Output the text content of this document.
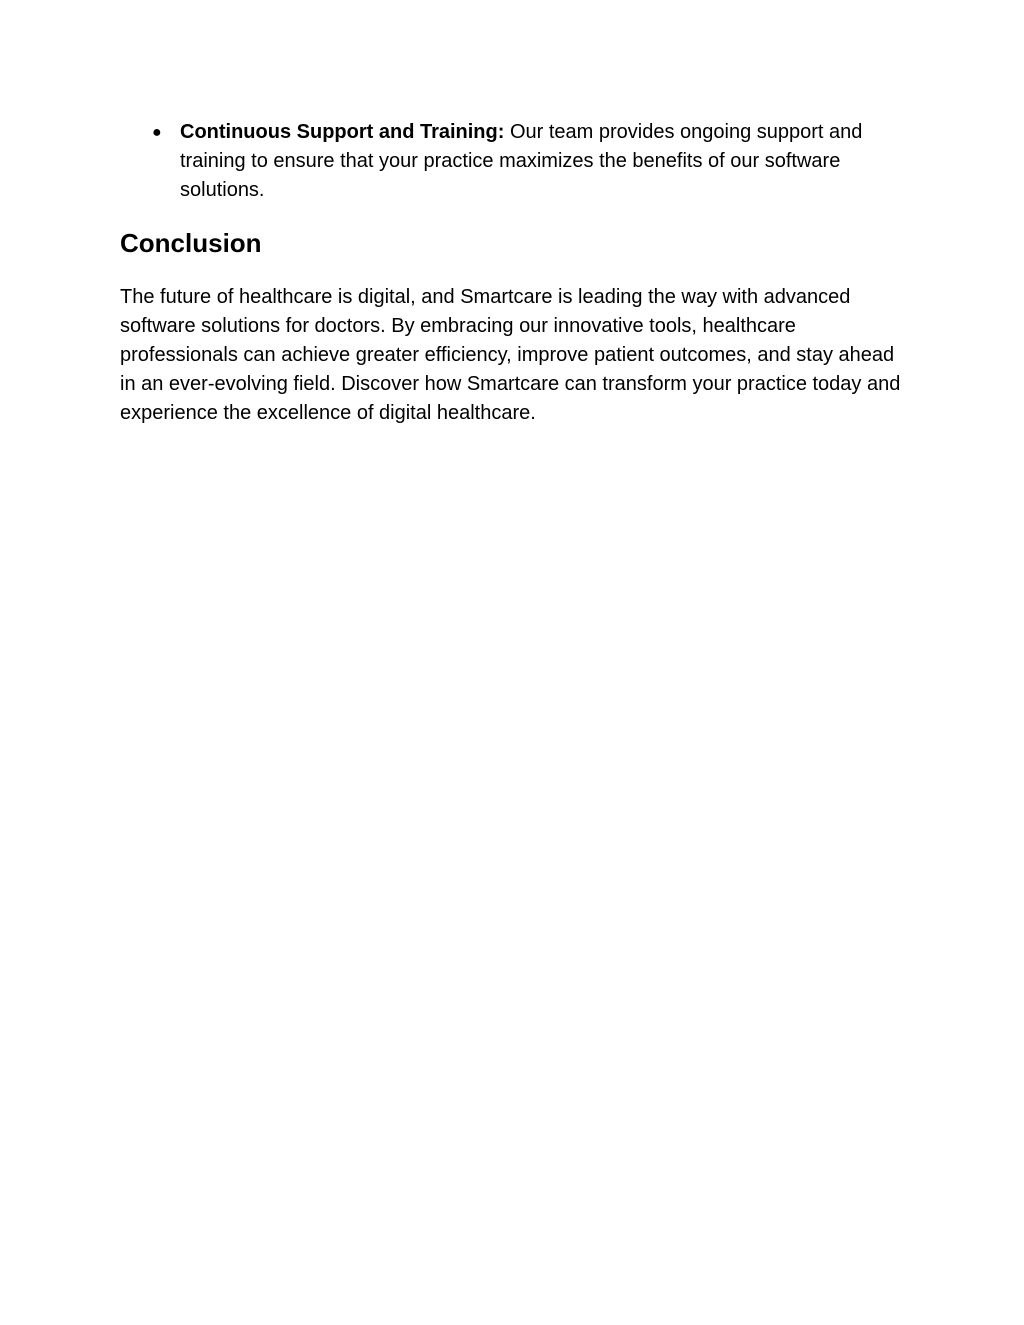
● Continuous Support and Training: Our team provides ongoing support and training to ensure that your practice maximizes the benefits of our software solutions.
Conclusion

The future of healthcare is digital, and Smartcare is leading the way with advanced software solutions for doctors. By embracing our innovative tools, healthcare professionals can achieve greater efficiency, improve patient outcomes, and stay ahead in an ever-evolving field. Discover how Smartcare can transform your practice today and experience the excellence of digital healthcare.
